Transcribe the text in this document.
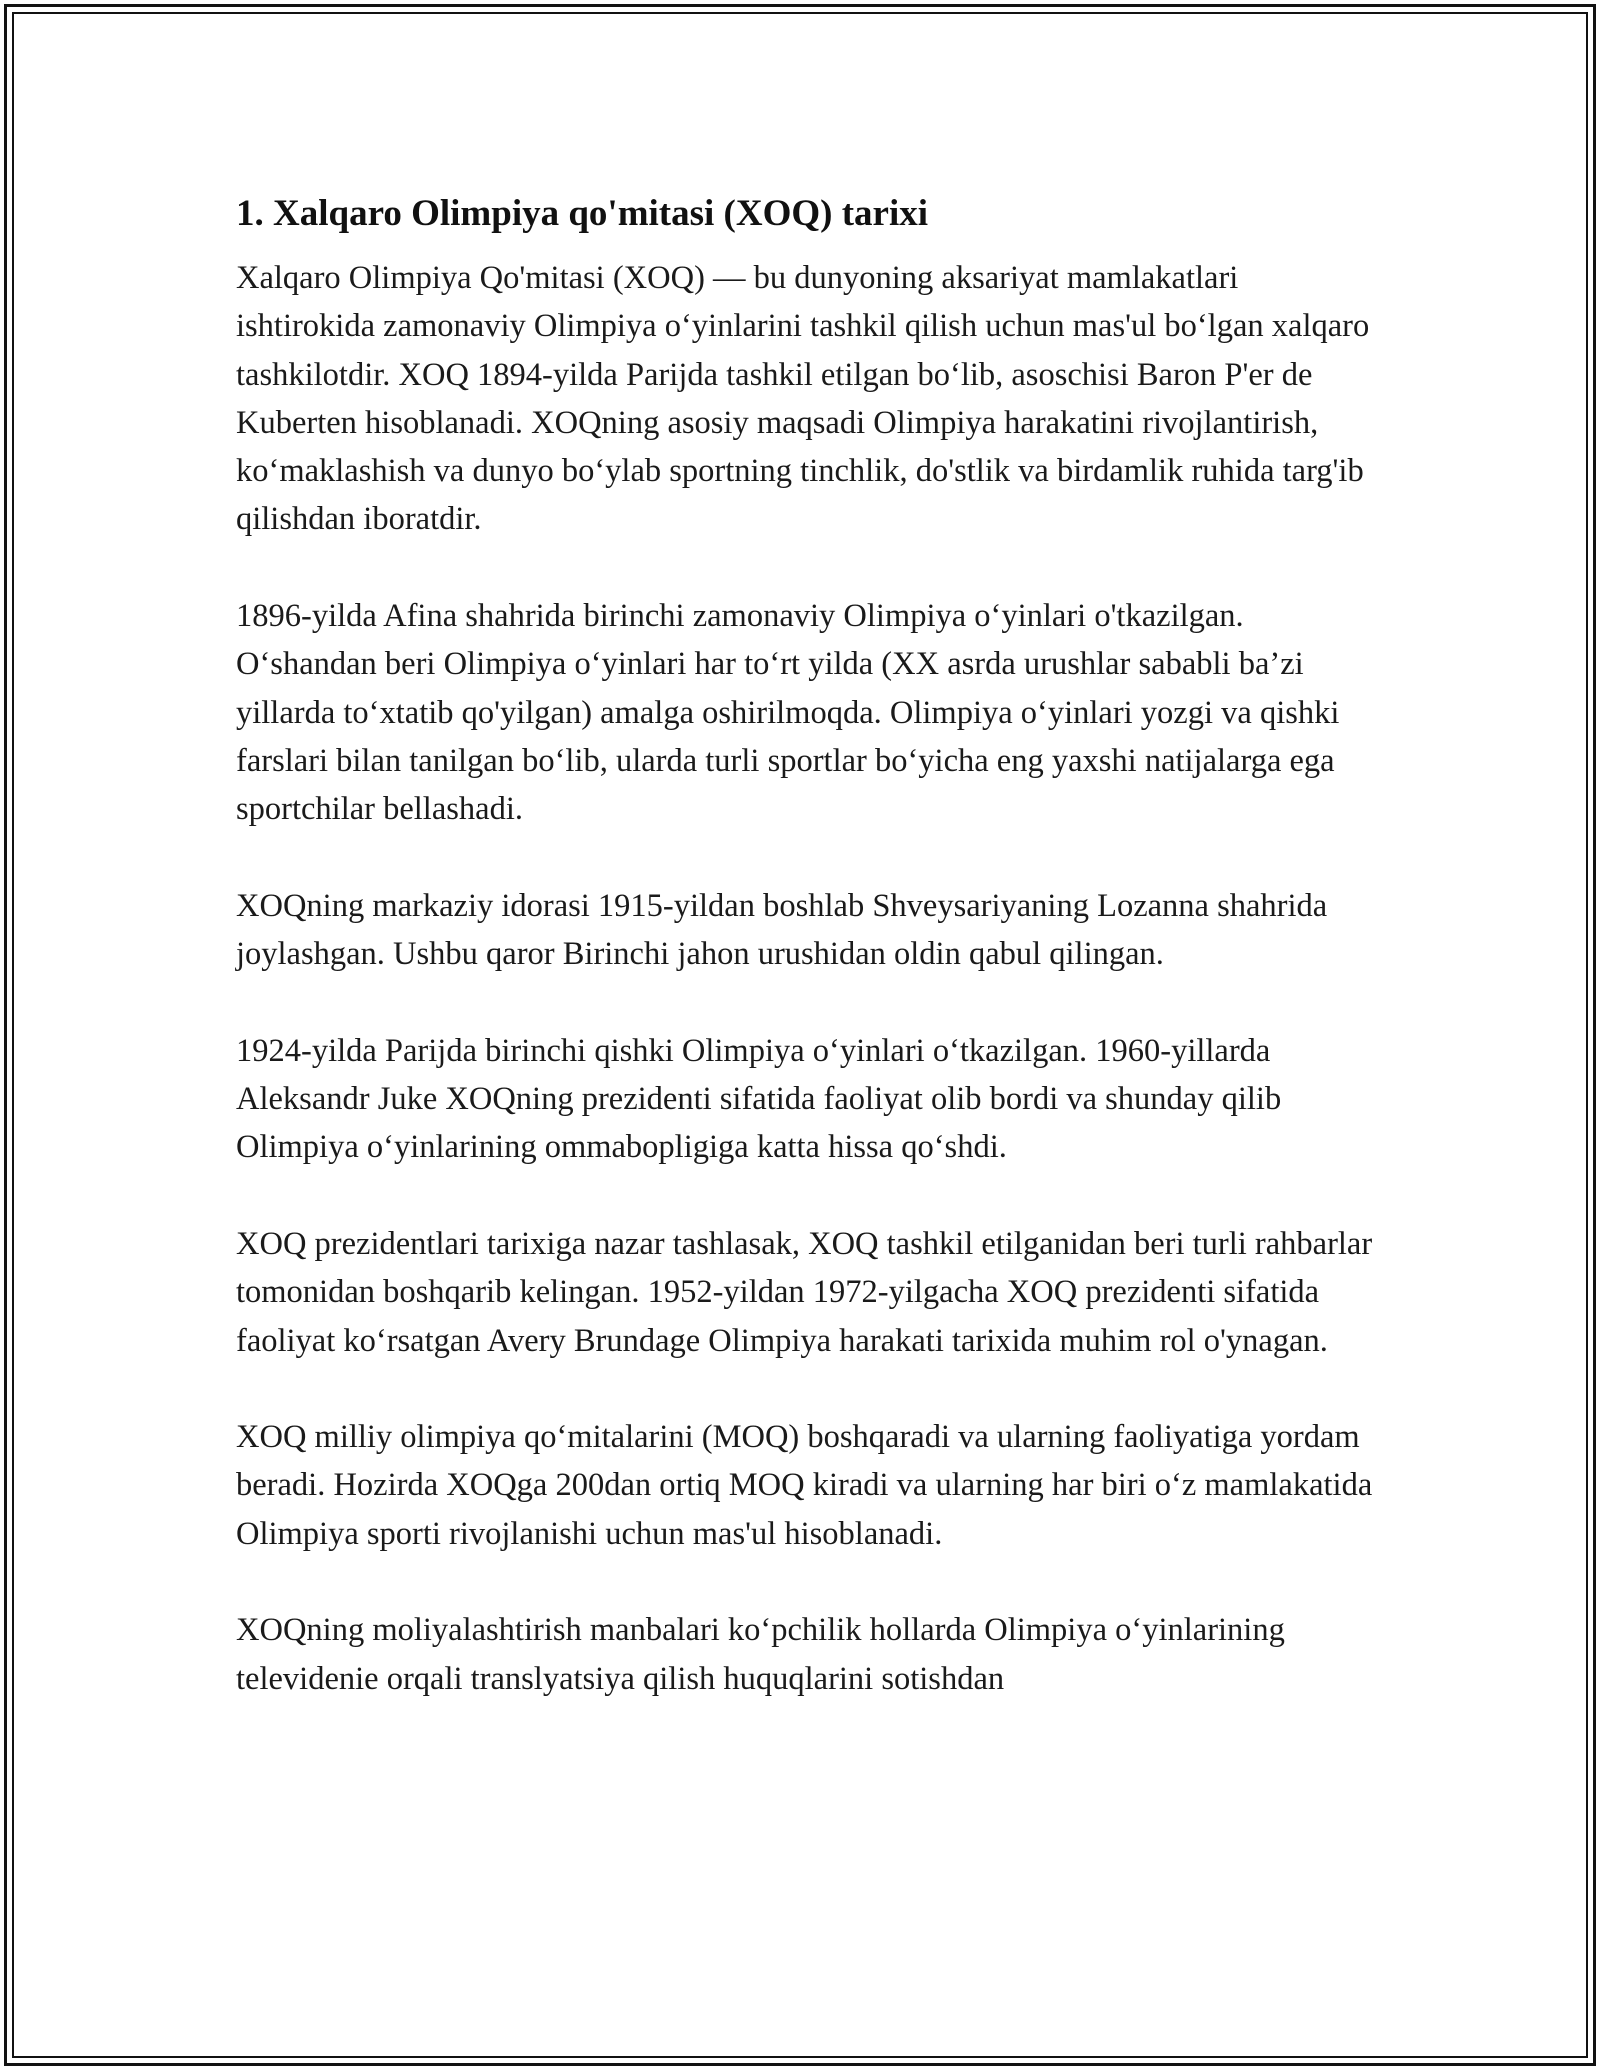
1. Xalqaro Olimpiya qo'mitasi (XOQ) tarixi

Xalqaro Olimpiya Qo'mitasi (XOQ) — bu dunyoning aksariyat mamlakatlari ishtirokida zamonaviy Olimpiya o‘yinlarini tashkil qilish uchun mas'ul bo‘lgan xalqaro tashkilotdir. XOQ 1894-yilda Parijda tashkil etilgan bo‘lib, asoschisi Baron P'er de Kuberten hisoblanadi. XOQning asosiy maqsadi Olimpiya harakatini rivojlantirish, ko‘maklashish va dunyo bo‘ylab sportning tinchlik, do'stlik va birdamlik ruhida targ'ib qilishdan iboratdir.

1896-yilda Afina shahrida birinchi zamonaviy Olimpiya o‘yinlari o'tkazilgan. O‘shandan beri Olimpiya o‘yinlari har to‘rt yilda (XX asrda urushlar sababli ba’zi yillarda to‘xtatib qo'yilgan) amalga oshirilmoqda. Olimpiya o‘yinlari yozgi va qishki farslari bilan tanilgan bo‘lib, ularda turli sportlar bo‘yicha eng yaxshi natijalarga ega sportchilar bellashadi.

XOQning markaziy idorasi 1915-yildan boshlab Shveysariyaning Lozanna shahrida joylashgan. Ushbu qaror Birinchi jahon urushidan oldin qabul qilingan.

1924-yilda Parijda birinchi qishki Olimpiya o‘yinlari o‘tkazilgan. 1960-yillarda Aleksandr Juke XOQning prezidenti sifatida faoliyat olib bordi va shunday qilib Olimpiya o‘yinlarining ommabopligiga katta hissa qo‘shdi.

XOQ prezidentlari tarixiga nazar tashlasak, XOQ tashkil etilganidan beri turli rahbarlar tomonidan boshqarib kelingan. 1952-yildan 1972-yilgacha XOQ prezidenti sifatida faoliyat ko‘rsatgan Avery Brundage Olimpiya harakati tarixida muhim rol o'ynagan.

XOQ milliy olimpiya qo‘mitalarini (MOQ) boshqaradi va ularning faoliyatiga yordam beradi. Hozirda XOQga 200dan ortiq MOQ kiradi va ularning har biri o‘z mamlakatida Olimpiya sporti rivojlanishi uchun mas'ul hisoblanadi.

XOQning moliyalashtirish manbalari ko‘pchilik hollarda Olimpiya o‘yinlarining televidenie orqali translyatsiya qilish huquqlarini sotishdan
